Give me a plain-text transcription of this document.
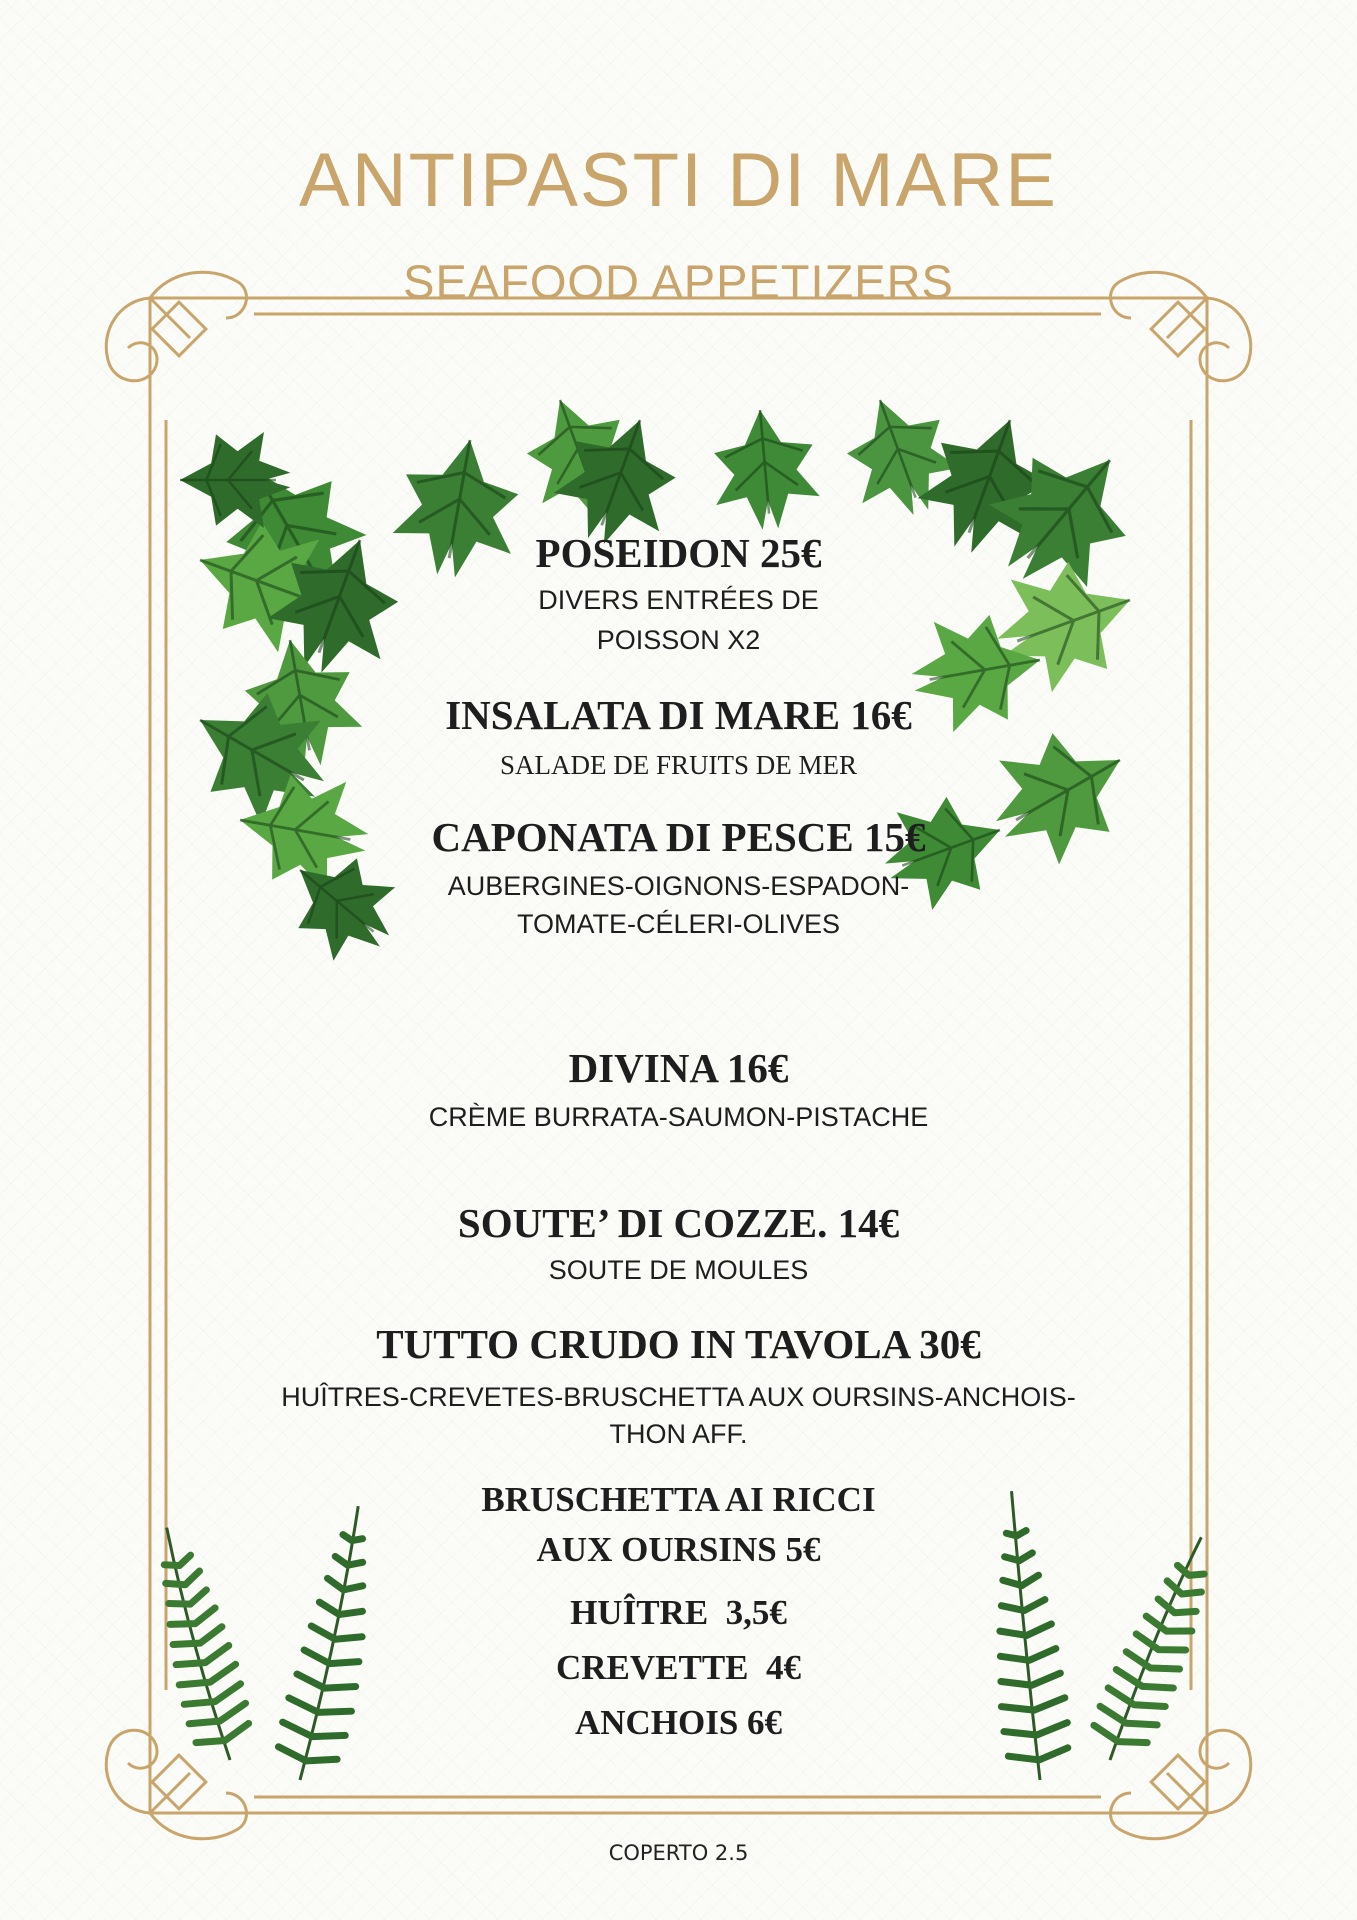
ANTIPASTI DI MARE
SEAFOOD APPETIZERS
POSEIDON 25€
DIVERS ENTRÉES DE
POISSON X2
INSALATA DI MARE 16€
SALADE DE FRUITS DE MER
CAPONATA DI PESCE 15€
AUBERGINES-OIGNONS-ESPADON-
TOMATE-CÉLERI-OLIVES
DIVINA 16€
CRÈME BURRATA-SAUMON-PISTACHE
SOUTE’ DI COZZE. 14€
SOUTE DE MOULES
TUTTO CRUDO IN TAVOLA 30€
HUÎTRES-CREVETES-BRUSCHETTA AUX OURSINS-ANCHOIS-
THON AFF.
BRUSCHETTA AI RICCI
AUX OURSINS 5€
HUÎTRE  3,5€
CREVETTE  4€
ANCHOIS 6€
COPERTO 2.5
